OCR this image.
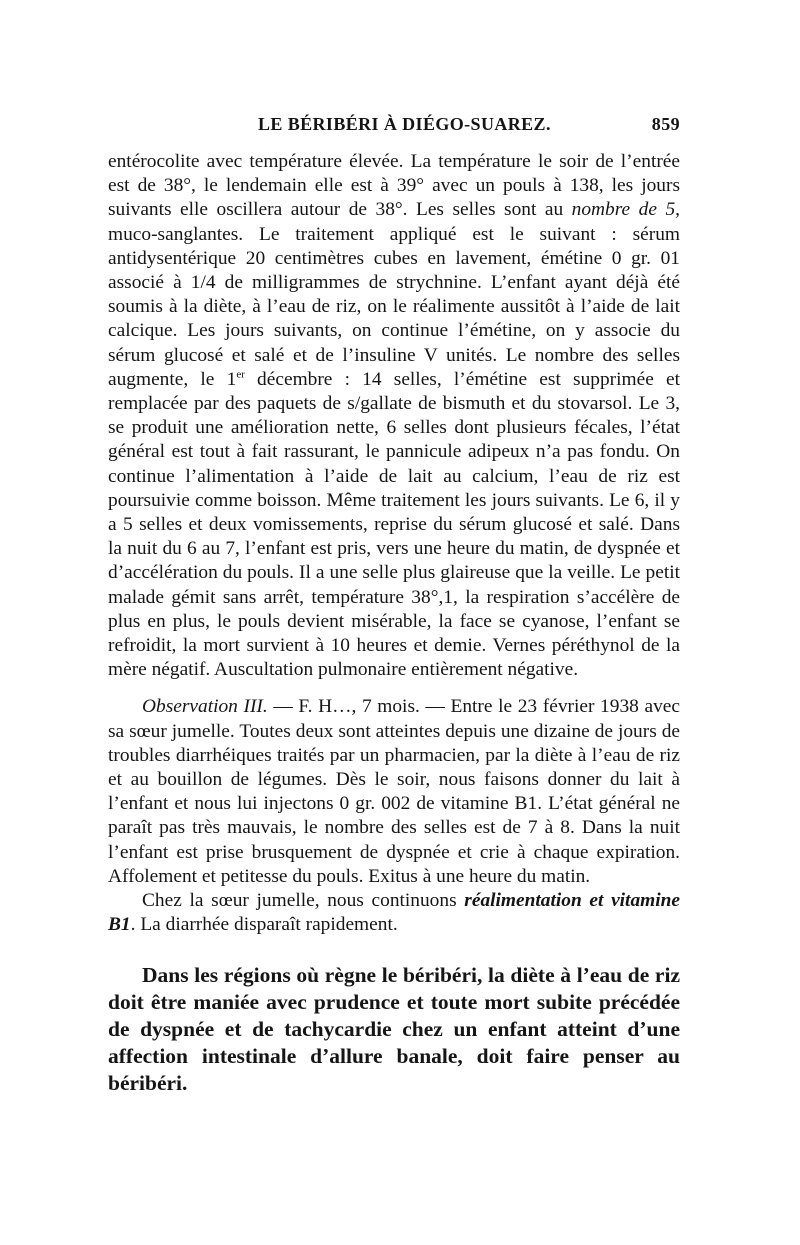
LE BÉRIBÉRI À DIÉGO-SUAREZ.	859

entérocolite avec température élevée. La température le soir de l’entrée est de 38°, le lendemain elle est à 39° avec un pouls à 138, les jours suivants elle oscillera autour de 38°. Les selles sont au nombre de 5, muco-sanglantes. Le traitement appliqué est le suivant : sérum antidysentérique 20 centimètres cubes en lavement, émétine 0 gr. 01 associé à 1/4 de milligrammes de strychnine. L’enfant ayant déjà été soumis à la diète, à l’eau de riz, on le réalimente aussitôt à l’aide de lait calcique. Les jours suivants, on continue l’émétine, on y associe du sérum glucosé et salé et de l’insuline V unités. Le nombre des selles augmente, le 1er décembre : 14 selles, l’émétine est supprimée et remplacée par des paquets de s/gallate de bismuth et du stovarsol. Le 3, se produit une amélioration nette, 6 selles dont plusieurs fécales, l’état général est tout à fait rassurant, le pannicule adipeux n’a pas fondu. On continue l’alimentation à l’aide de lait au calcium, l’eau de riz est poursuivie comme boisson. Même traitement les jours suivants. Le 6, il y a 5 selles et deux vomissements, reprise du sérum glucosé et salé. Dans la nuit du 6 au 7, l’enfant est pris, vers une heure du matin, de dyspnée et d’accélération du pouls. Il a une selle plus glaireuse que la veille. Le petit malade gémit sans arrêt, température 38°,1, la respiration s’accélère de plus en plus, le pouls devient misérable, la face se cyanose, l’enfant se refroidit, la mort survient à 10 heures et demie. Vernes péréthynol de la mère négatif. Auscultation pulmonaire entièrement négative.

Observation III. — F. H…, 7 mois. — Entre le 23 février 1938 avec sa sœur jumelle. Toutes deux sont atteintes depuis une dizaine de jours de troubles diarrhéiques traités par un pharmacien, par la diète à l’eau de riz et au bouillon de légumes. Dès le soir, nous faisons donner du lait à l’enfant et nous lui injectons 0 gr. 002 de vitamine B1. L’état général ne paraît pas très mauvais, le nombre des selles est de 7 à 8. Dans la nuit l’enfant est prise brusquement de dyspnée et crie à chaque expiration. Affolement et petitesse du pouls. Exitus à une heure du matin.

Chez la sœur jumelle, nous continuons réalimentation et vitamine B1. La diarrhée disparaît rapidement.

Dans les régions où règne le béribéri, la diète à l’eau de riz doit être maniée avec prudence et toute mort subite précédée de dyspnée et de tachycardie chez un enfant atteint d’une affection intestinale d’allure banale, doit faire penser au béribéri.
